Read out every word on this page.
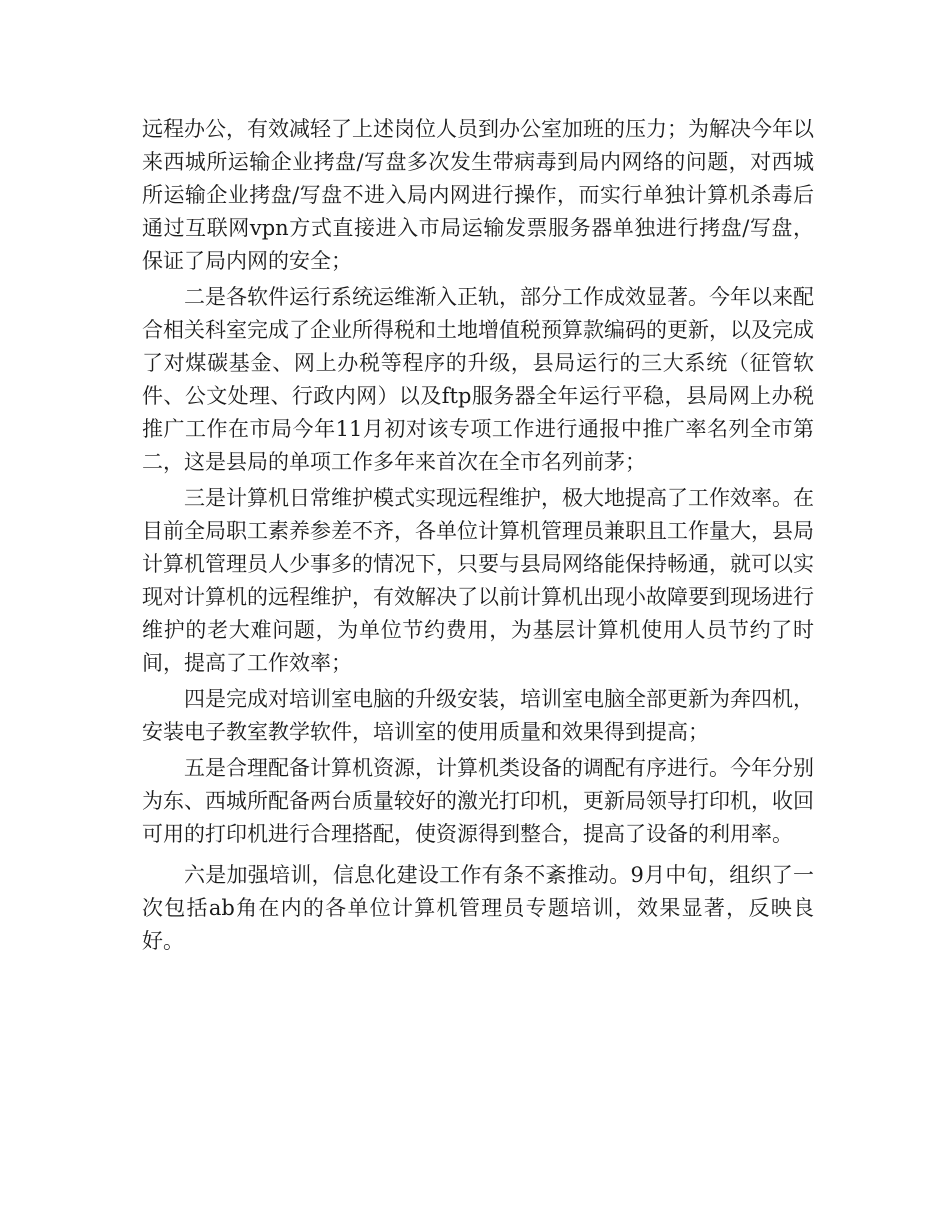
远程办公，有效减轻了上述岗位人员到办公室加班的压力；为解决今年以来西城所运输企业拷盘/写盘多次发生带病毒到局内网络的问题，对西城所运输企业拷盘/写盘不进入局内网进行操作，而实行单独计算机杀毒后通过互联网vpn方式直接进入市局运输发票服务器单独进行拷盘/写盘，保证了局内网的安全；

二是各软件运行系统运维渐入正轨，部分工作成效显著。今年以来配合相关科室完成了企业所得税和土地增值税预算款编码的更新，以及完成了对煤碳基金、网上办税等程序的升级，县局运行的三大系统（征管软件、公文处理、行政内网）以及ftp服务器全年运行平稳，县局网上办税推广工作在市局今年11月初对该专项工作进行通报中推广率名列全市第二，这是县局的单项工作多年来首次在全市名列前茅；

三是计算机日常维护模式实现远程维护，极大地提高了工作效率。在目前全局职工素养参差不齐，各单位计算机管理员兼职且工作量大，县局计算机管理员人少事多的情况下，只要与县局网络能保持畅通，就可以实现对计算机的远程维护，有效解决了以前计算机出现小故障要到现场进行维护的老大难问题，为单位节约费用，为基层计算机使用人员节约了时间，提高了工作效率；

四是完成对培训室电脑的升级安装，培训室电脑全部更新为奔四机，安装电子教室教学软件，培训室的使用质量和效果得到提高；

五是合理配备计算机资源，计算机类设备的调配有序进行。今年分别为东、西城所配备两台质量较好的激光打印机，更新局领导打印机，收回可用的打印机进行合理搭配，使资源得到整合，提高了设备的利用率。

六是加强培训，信息化建设工作有条不紊推动。9月中旬，组织了一次包括ab角在内的各单位计算机管理员专题培训，效果显著，反映良好。
